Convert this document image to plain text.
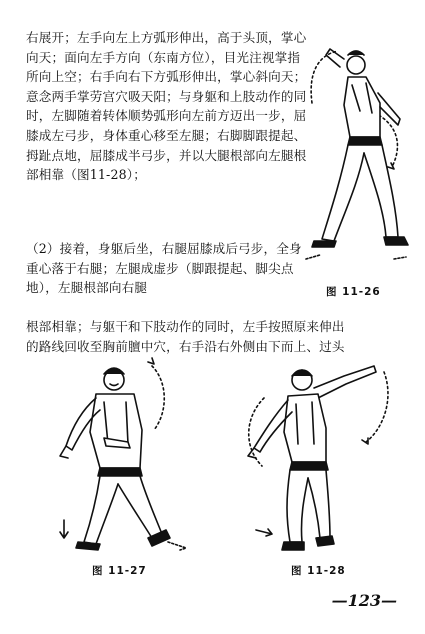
右展开；左手向左上方弧形伸出，高于头顶，掌心向天；面向左手方向（东南方位），目光注视掌指所向上空；右手向右下方弧形伸出，掌心斜向天；意念两手掌劳宫穴吸天阳；与身躯和上肢动作的同时，左脚随着转体顺势弧形向左前方迈出一步，屈膝成左弓步，身体重心移至左腿；右脚脚跟提起、拇趾点地，屈膝成半弓步，并以大腿根部向左腿根部相靠（图11-28）；

（2）接着，身躯后坐，右腿屈膝成后弓步，全身重心落于右腿；左腿成虚步（脚跟提起、脚尖点地），左腿根部向右腿

根部相靠；与躯干和下肢动作的同时，左手按照原来伸出
的路线回收至胸前膻中穴，右手沿右外侧由下而上、过头
图 11-26
图 11-27	图 11-28
—123—
